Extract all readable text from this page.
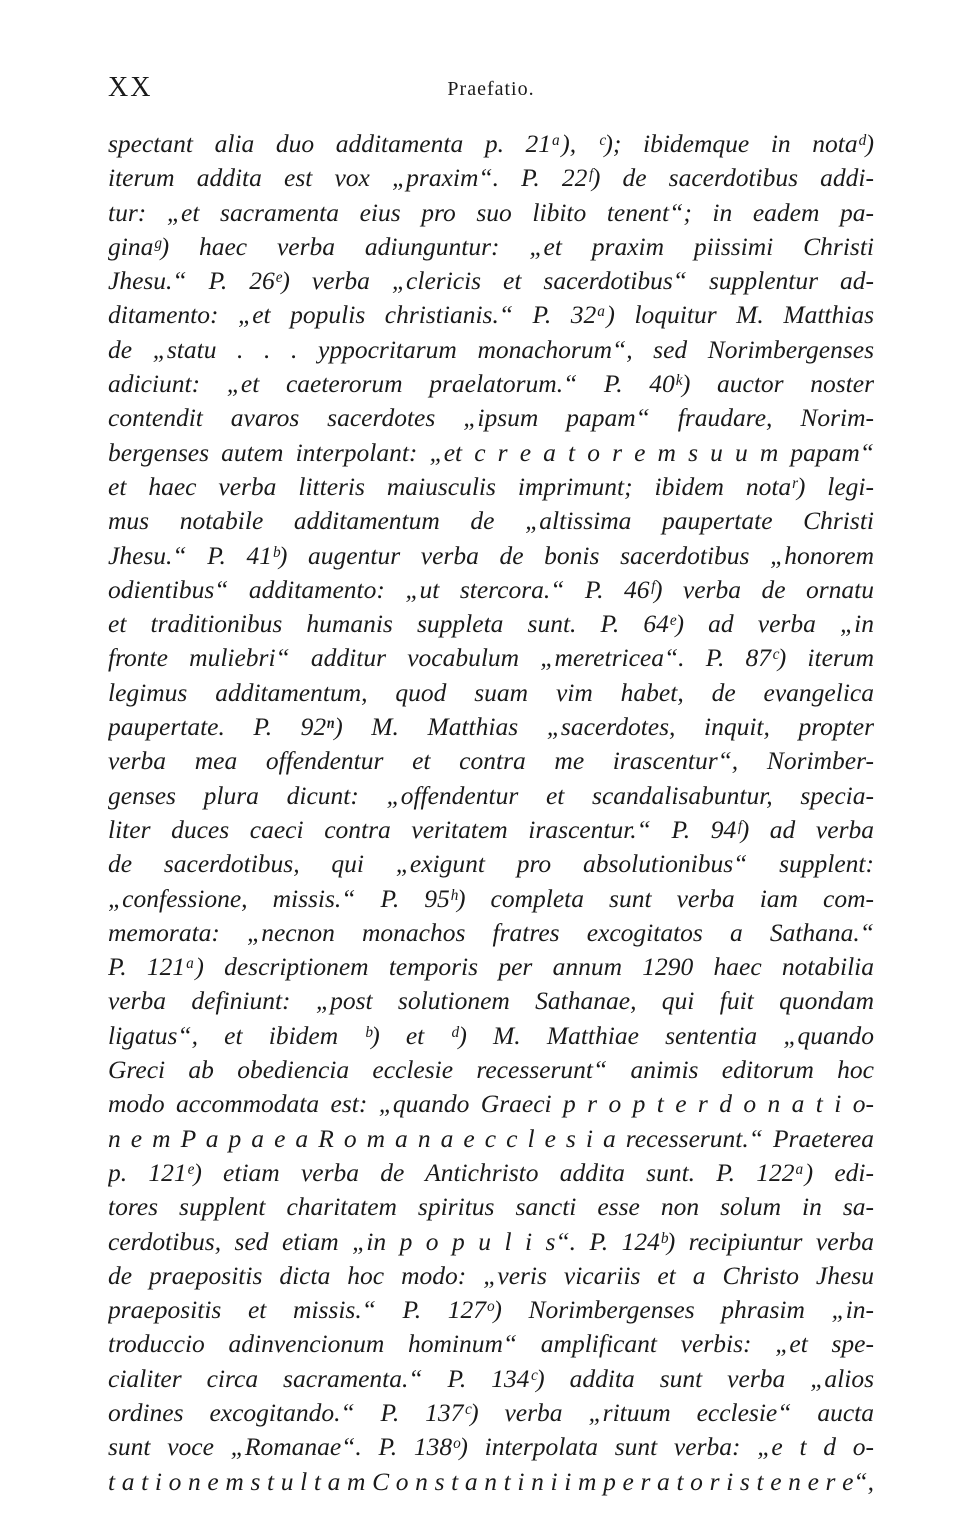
XX	Praefatio.
spectant alia duo additamenta p. 21ᵃ), ᶜ); ibidemque in notaᵈ)
iterum addita est vox „praxim“. P. 22ᶠ) de sacerdotibus addi-
tur: „et sacramenta eius pro suo libito tenent“; in eadem pa-
ginaᵍ) haec verba adiunguntur: „et praxim piissimi Christi
Jhesu.“ P. 26ᵉ) verba „clericis et sacerdotibus“ supplentur ad-
ditamento: „et populis christianis.“ P. 32ᵃ) loquitur M. Matthias
de „statu . . . yppocritarum monachorum“, sed Norimbergenses
adiciunt: „et caeterorum praelatorum.“ P. 40ᵏ) auctor noster
contendit avaros sacerdotes „ipsum papam“ fraudare, Norim-
bergenses autem interpolant: „et c r e a t o r e m s u u m papam“
et haec verba litteris maiusculis imprimunt; ibidem notaʳ) legi-
mus notabile additamentum de „altissima paupertate Christi
Jhesu.“ P. 41ᵇ) augentur verba de bonis sacerdotibus „honorem
odientibus“ additamento: „ut stercora.“ P. 46ᶠ) verba de ornatu
et traditionibus humanis suppleta sunt. P. 64ᵉ) ad verba „in
fronte muliebri“ additur vocabulum „meretricea“. P. 87ᶜ) iterum
legimus additamentum, quod suam vim habet, de evangelica
paupertate. P. 92ⁿ) M. Matthias „sacerdotes, inquit, propter
verba mea offendentur et contra me irascentur“, Norimber-
genses plura dicunt: „offendentur et scandalisabuntur, specia-
liter duces caeci contra veritatem irascentur.“ P. 94ᶠ) ad verba
de sacerdotibus, qui „exigunt pro absolutionibus“ supplent:
„confessione, missis.“ P. 95ʰ) completa sunt verba iam com-
memorata: „necnon monachos fratres excogitatos a Sathana.“
P. 121ᵃ) descriptionem temporis per annum 1290 haec notabilia
verba definiunt: „post solutionem Sathanae, qui fuit quondam
ligatus“, et ibidem ᵇ) et ᵈ) M. Matthiae sententia „quando
Greci ab obediencia ecclesie recesserunt“ animis editorum hoc
modo accommodata est: „quando Graeci p r o p t e r d o n a t i o-
n e m P a p a e a R o m a n a e c c l e s i a recesserunt.“ Praeterea
p. 121ᵉ) etiam verba de Antichristo addita sunt. P. 122ᵃ) edi-
tores supplent charitatem spiritus sancti esse non solum in sa-
cerdotibus, sed etiam „in p o p u l i s“. P. 124ᵇ) recipiuntur verba
de praepositis dicta hoc modo: „veris vicariis et a Christo Jhesu
praepositis et missis.“ P. 127ᵒ) Norimbergenses phrasim „in-
troduccio adinvencionum hominum“ amplificant verbis: „et spe-
cialiter circa sacramenta.“ P. 134ᶜ) addita sunt verba „alios
ordines excogitando.“ P. 137ᶜ) verba „rituum ecclesie“ aucta
sunt voce „Romanae“. P. 138ᵒ) interpolata sunt verba: „e t d o-
t a t i o n e m s t u l t a m C o n s t a n t i n i i m p e r a t o r i s t e n e r e“,
